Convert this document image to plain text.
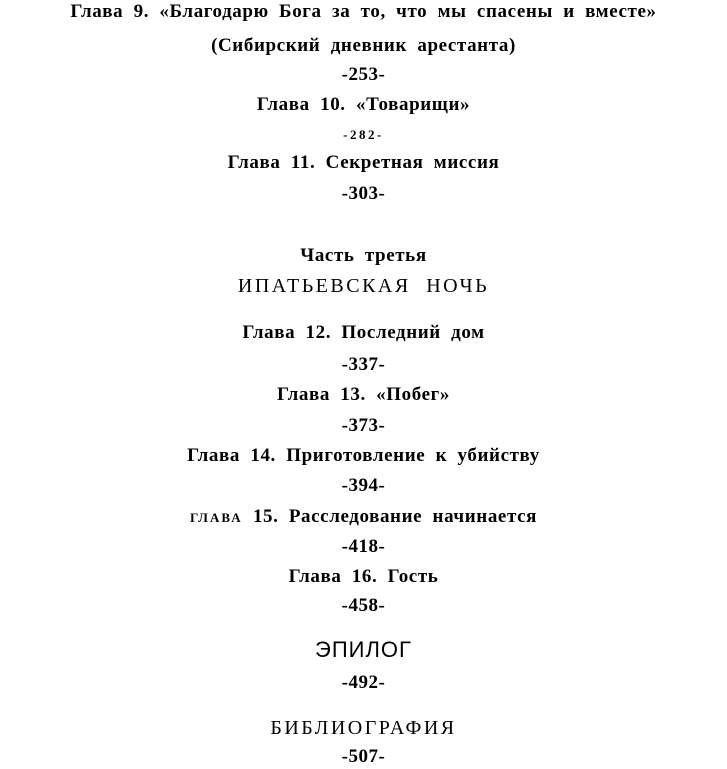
Глава 9. «Благодарю Бога за то, что мы спасены и вместе»
(Сибирский дневник арестанта)
-253-
Глава 10. «Товарищи»
-282-
Глава 11. Секретная миссия
-303-
Часть третья
ИПАТЬЕВСКАЯ НОЧЬ
Глава 12. Последний дом
-337-
Глава 13. «Побег»
-373-
Глава 14. Приготовление к убийству
-394-
ГЛАВА 15. Расследование начинается
-418-
Глава 16. Гость
-458-
ЭПИЛОГ
-492-
БИБЛИОГРАФИЯ
-507-
